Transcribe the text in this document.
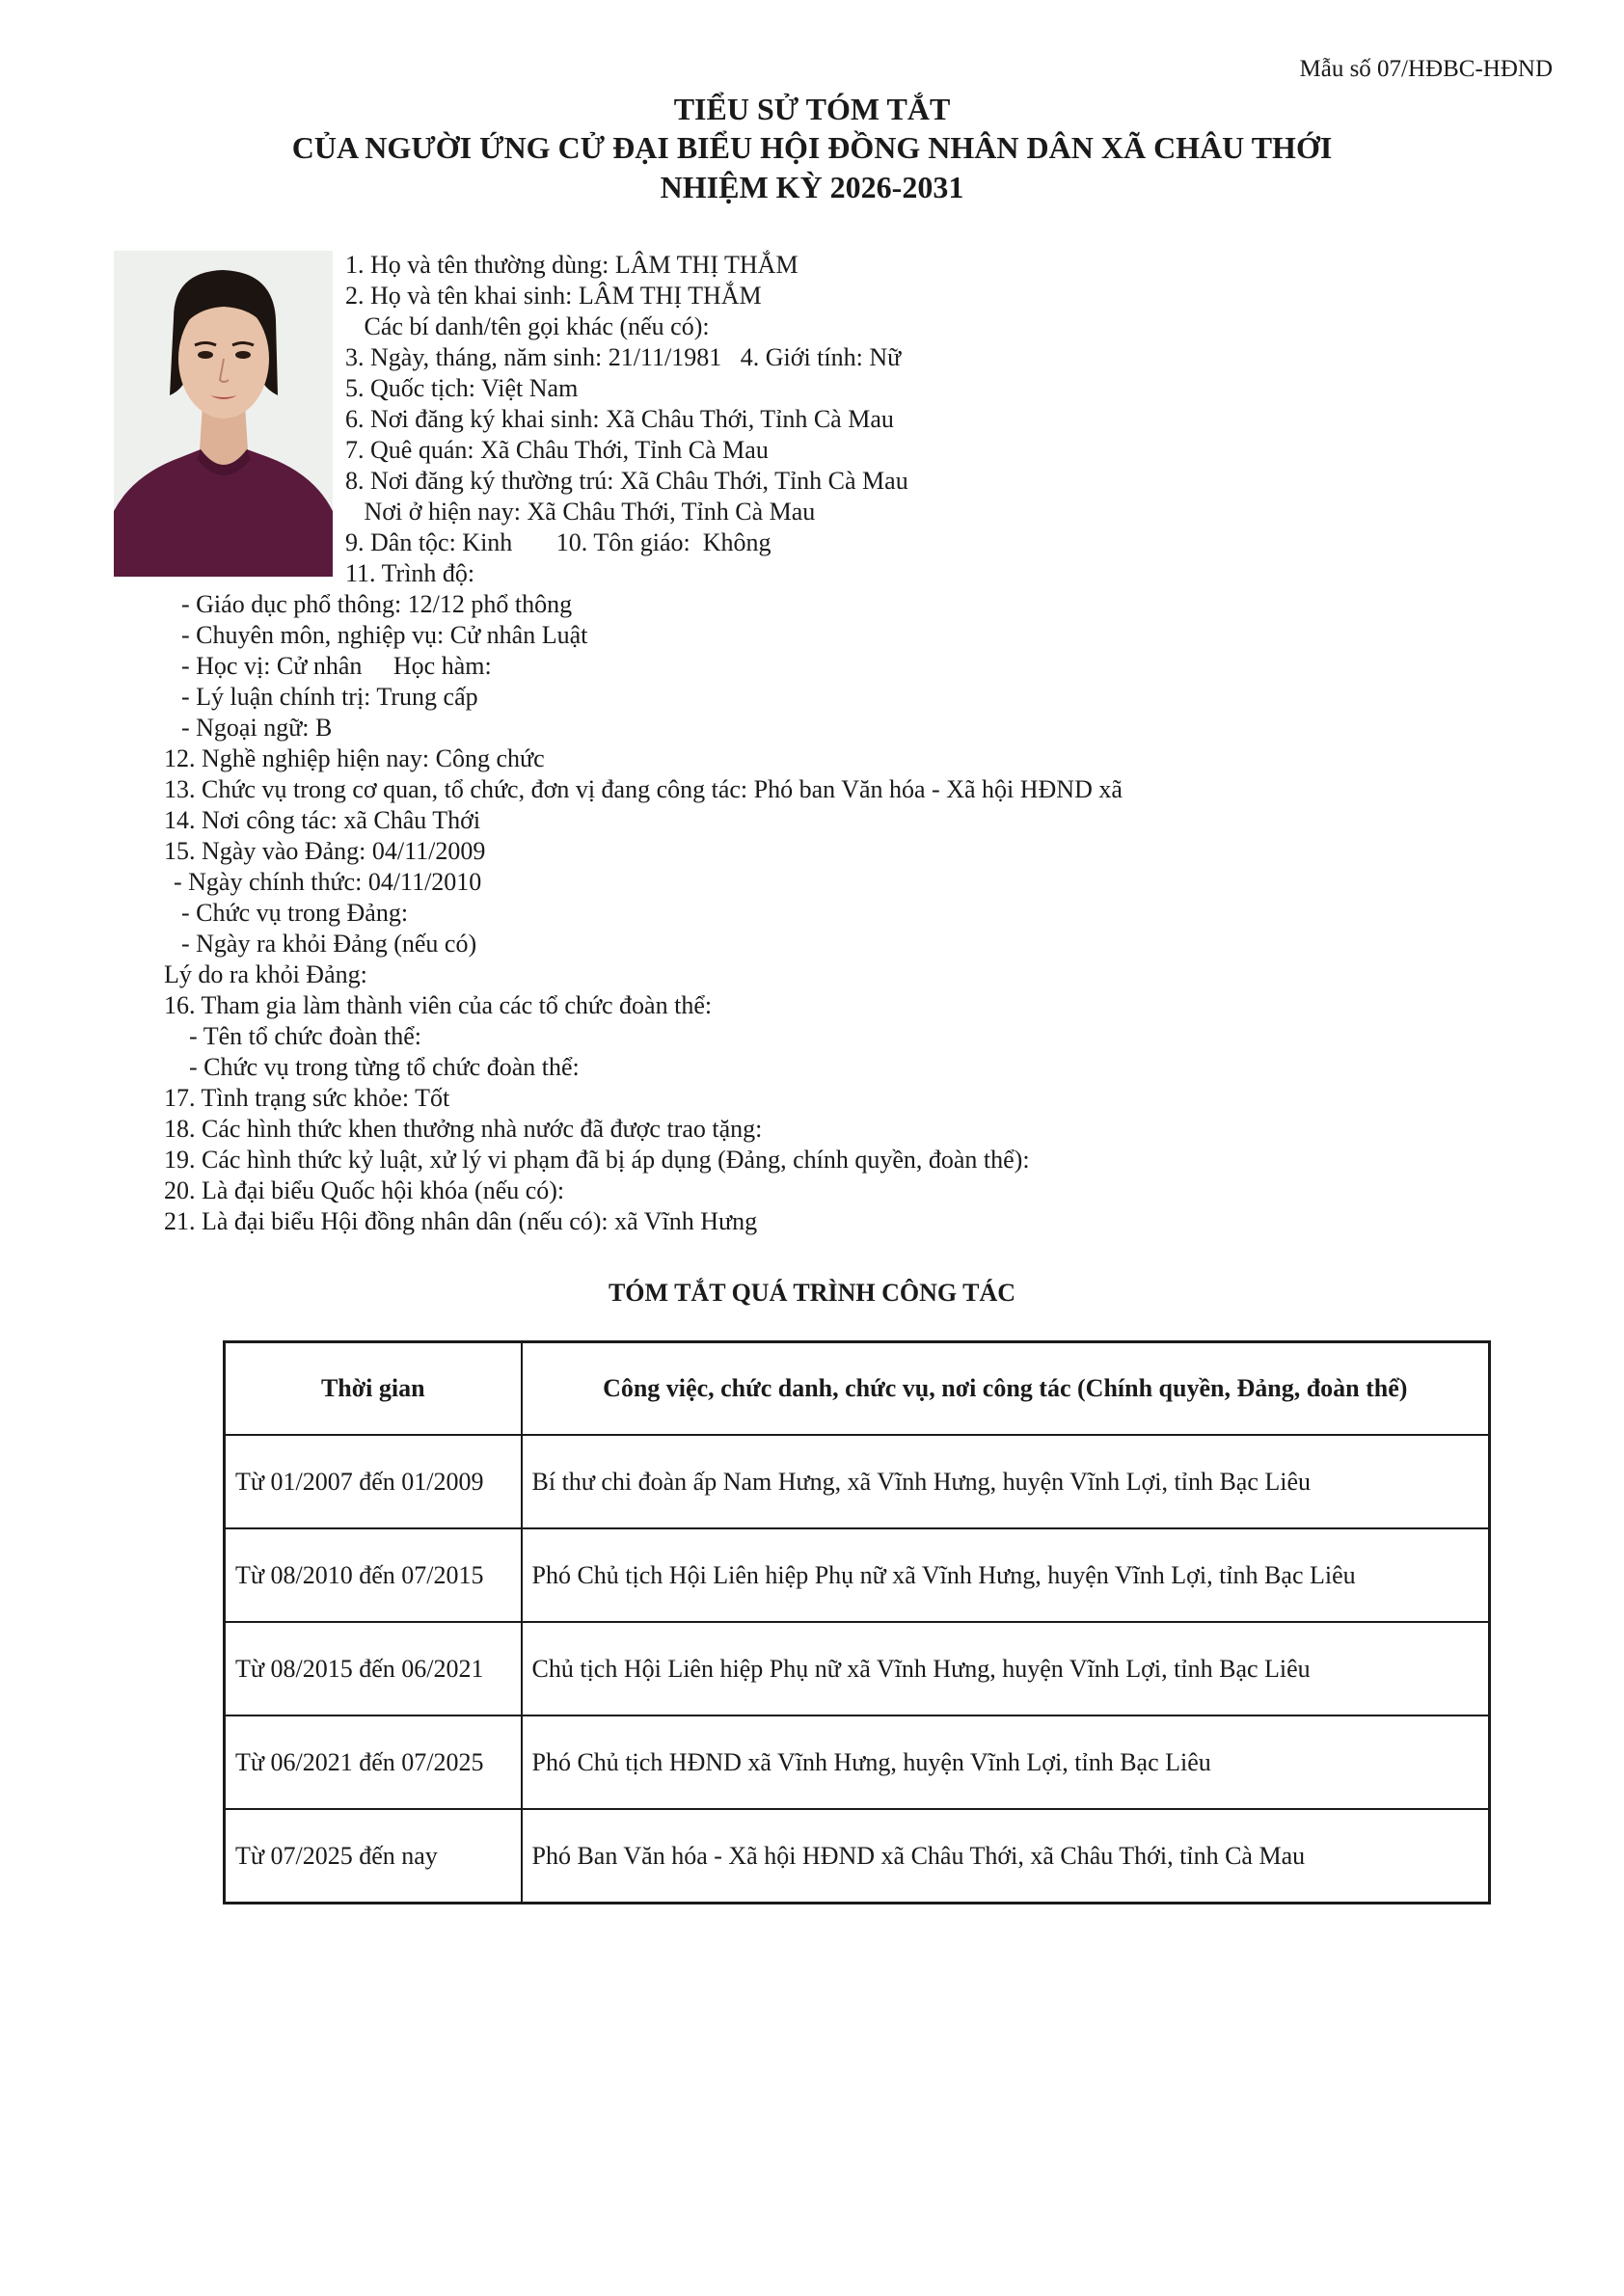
Mẫu số 07/HĐBC-HĐND
TIỂU SỬ TÓM TẮT
CỦA NGƯỜI ỨNG CỬ ĐẠI BIỂU HỘI ĐỒNG NHÂN DÂN XÃ CHÂU THỚI
NHIỆM KỲ 2026-2031
1. Họ và tên thường dùng: LÂM THỊ THẮM
2. Họ và tên khai sinh: LÂM THỊ THẮM
Các bí danh/tên gọi khác (nếu có):
3. Ngày, tháng, năm sinh: 21/11/1981   4. Giới tính: Nữ
5. Quốc tịch: Việt Nam
6. Nơi đăng ký khai sinh: Xã Châu Thới, Tỉnh Cà Mau
7. Quê quán: Xã Châu Thới, Tỉnh Cà Mau
8. Nơi đăng ký thường trú: Xã Châu Thới, Tỉnh Cà Mau
Nơi ở hiện nay: Xã Châu Thới, Tỉnh Cà Mau
9. Dân tộc: Kinh       10. Tôn giáo:  Không
11. Trình độ:
- Giáo dục phổ thông: 12/12 phổ thông
- Chuyên môn, nghiệp vụ: Cử nhân Luật
- Học vị: Cử nhân     Học hàm:
- Lý luận chính trị: Trung cấp
- Ngoại ngữ: B
12. Nghề nghiệp hiện nay: Công chức
13. Chức vụ trong cơ quan, tổ chức, đơn vị đang công tác: Phó ban Văn hóa - Xã hội HĐND xã
14. Nơi công tác: xã Châu Thới
15. Ngày vào Đảng: 04/11/2009
- Ngày chính thức: 04/11/2010
- Chức vụ trong Đảng:
- Ngày ra khỏi Đảng (nếu có)
Lý do ra khỏi Đảng:
16. Tham gia làm thành viên của các tổ chức đoàn thể:
- Tên tổ chức đoàn thể:
- Chức vụ trong từng tổ chức đoàn thể:
17. Tình trạng sức khỏe: Tốt
18. Các hình thức khen thưởng nhà nước đã được trao tặng:
19. Các hình thức kỷ luật, xử lý vi phạm đã bị áp dụng (Đảng, chính quyền, đoàn thể):
20. Là đại biểu Quốc hội khóa (nếu có):
21. Là đại biểu Hội đồng nhân dân (nếu có): xã Vĩnh Hưng
TÓM TẮT QUÁ TRÌNH CÔNG TÁC
Thời gian	Công việc, chức danh, chức vụ, nơi công tác (Chính quyền, Đảng, đoàn thể)
Từ 01/2007 đến 01/2009	Bí thư chi đoàn ấp Nam Hưng, xã Vĩnh Hưng, huyện Vĩnh Lợi, tỉnh Bạc Liêu
Từ 08/2010 đến 07/2015	Phó Chủ tịch Hội Liên hiệp Phụ nữ xã Vĩnh Hưng, huyện Vĩnh Lợi, tỉnh Bạc Liêu
Từ 08/2015 đến 06/2021	Chủ tịch Hội Liên hiệp Phụ nữ xã Vĩnh Hưng, huyện Vĩnh Lợi, tỉnh Bạc Liêu
Từ 06/2021 đến 07/2025	Phó Chủ tịch HĐND xã Vĩnh Hưng, huyện Vĩnh Lợi, tỉnh Bạc Liêu
Từ 07/2025 đến nay	Phó Ban Văn hóa - Xã hội HĐND xã Châu Thới, xã Châu Thới, tỉnh Cà Mau
